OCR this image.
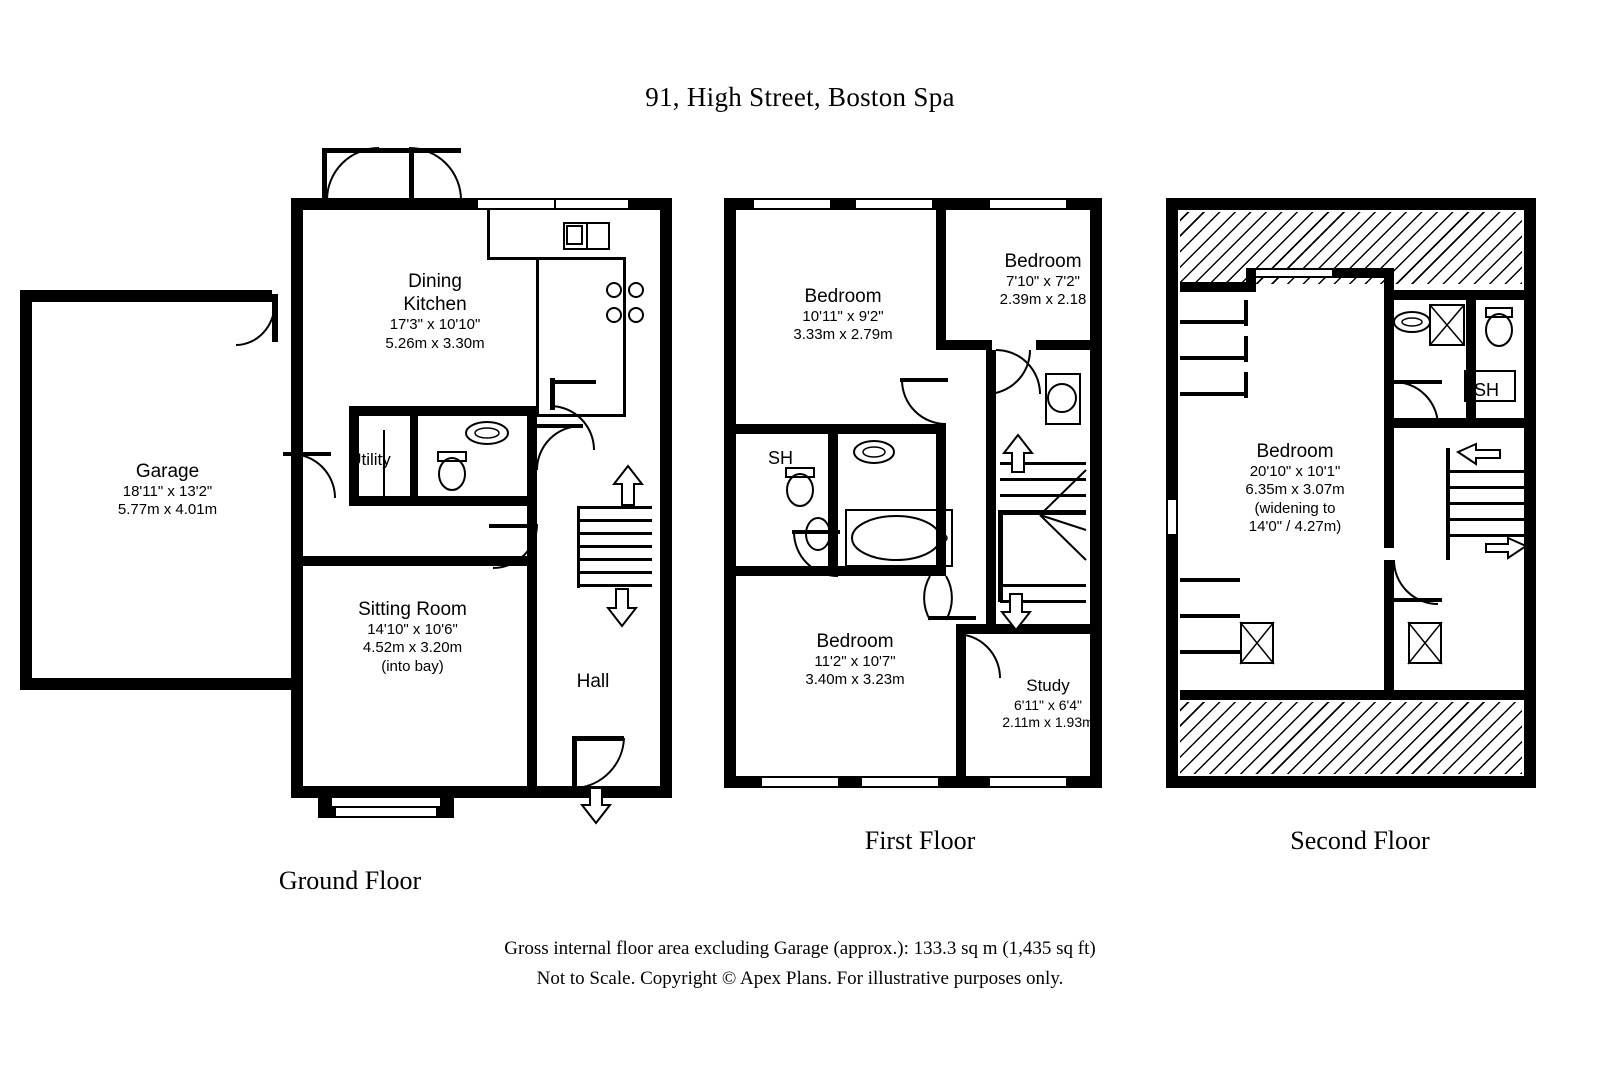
91, High Street, Boston Spa
Dining
Kitchen
17'3" x 10'10"
5.26m x 3.30m
Garage
18'11" x 13'2"
5.77m x 4.01m
Sitting Room
14'10" x 10'6"
4.52m x 3.20m
(into bay)
Utility
Hall
Ground Floor
Bedroom
10'11" x 9'2"
3.33m x 2.79m
Bedroom
7'10" x 7'2"
2.39m x 2.18
Bedroom
11'2" x 10'7"
3.40m x 3.23m	Study
6'11" x 6'4"
2.11m x 1.93m
SH
First Floor
SH
Bedroom
20'10" x 10'1"
6.35m x 3.07m
(widening to
14'0" / 4.27m)
Second Floor
Gross internal floor area excluding Garage (approx.): 133.3 sq m (1,435 sq ft)
Not to Scale. Copyright © Apex Plans. For illustrative purposes only.
